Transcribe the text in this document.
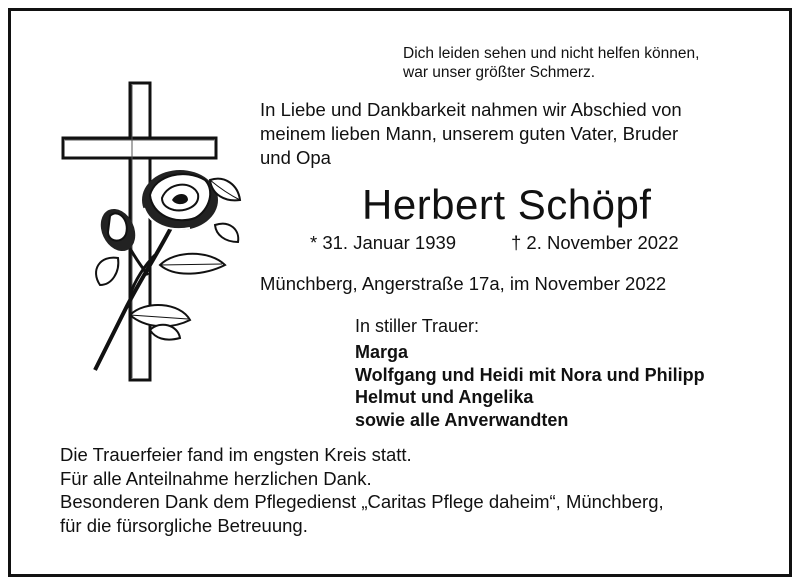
Dich leiden sehen und nicht helfen können,
war unser größter Schmerz.
In Liebe und Dankbarkeit nahmen wir Abschied von
meinem lieben Mann, unserem guten Vater, Bruder
und Opa
Herbert Schöpf
* 31. Januar 1939	† 2. November 2022
Münchberg, Angerstraße 17a, im November 2022
In stiller Trauer:
Marga
Wolfgang und Heidi mit Nora und Philipp
Helmut und Angelika
sowie alle Anverwandten
Die Trauerfeier fand im engsten Kreis statt.
Für alle Anteilnahme herzlichen Dank.
Besonderen Dank dem Pflegedienst „Caritas Pflege daheim“, Münchberg,
für die fürsorgliche Betreuung.
